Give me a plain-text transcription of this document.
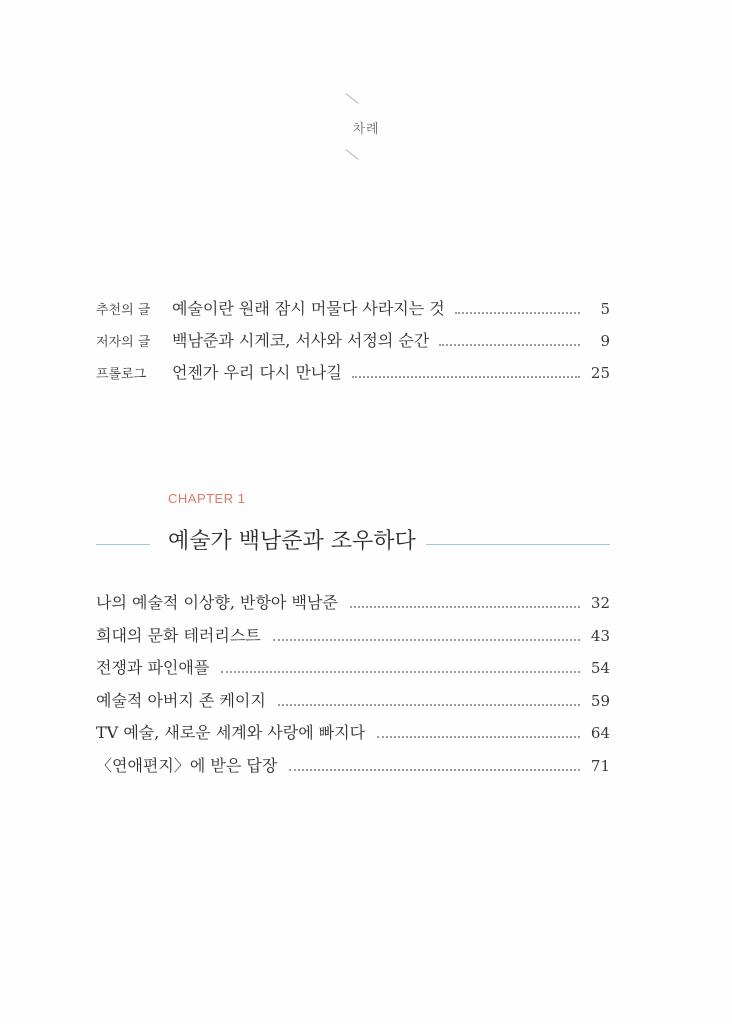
차례
추천의 글	예술이란 원래 잠시 머물다 사라지는 것	5
저자의 글	백남준과 시게코, 서사와 서정의 순간	9
프롤로그	언젠가 우리 다시 만나길	25
CHAPTER 1
예술가 백남준과 조우하다
나의 예술적 이상향, 반항아 백남준	32
희대의 문화 테러리스트	43
전쟁과 파인애플	54
예술적 아버지 존 케이지	59
TV 예술, 새로운 세계와 사랑에 빠지다	64
〈연애편지〉에 받은 답장	71
